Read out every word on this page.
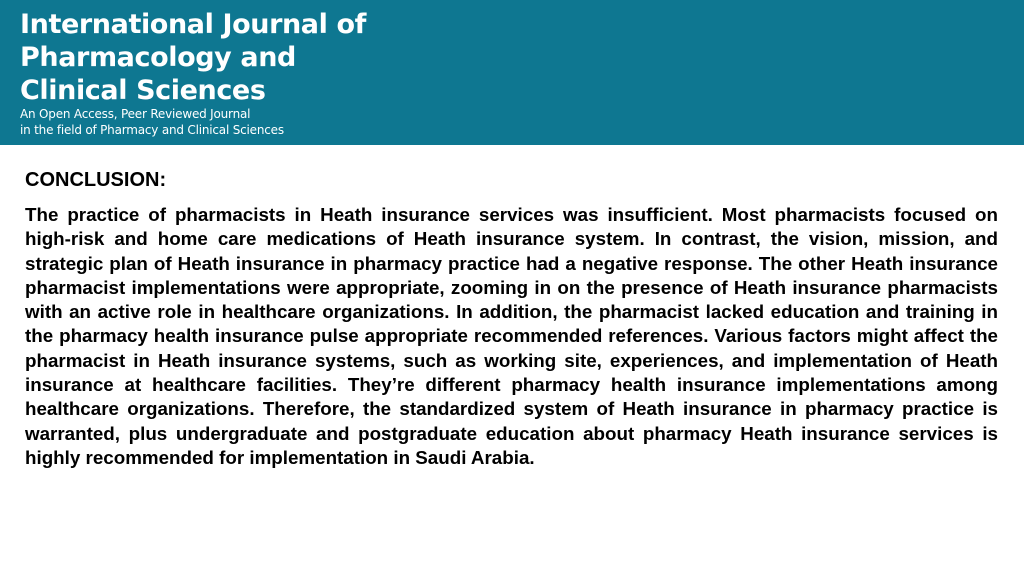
International Journal of
Pharmacology and
Clinical Sciences

An Open Access, Peer Reviewed Journal
in the field of Pharmacy and Clinical Sciences

CONCLUSION:

The practice of pharmacists in Heath insurance services was insufficient. Most pharmacists focused on high-risk and home care medications of Heath insurance system. In contrast, the vision, mission, and strategic plan of Heath insurance in pharmacy practice had a negative response. The other Heath insurance pharmacist implementations were appropriate, zooming in on the presence of Heath insurance pharmacists with an active role in healthcare organizations. In addition, the pharmacist lacked education and training in the pharmacy health insurance pulse appropriate recommended references. Various factors might affect the pharmacist in Heath insurance systems, such as working site, experiences, and implementation of Heath insurance at healthcare facilities. They’re different pharmacy health insurance implementations among healthcare organizations. Therefore, the standardized system of Heath insurance in pharmacy practice is warranted, plus undergraduate and postgraduate education about pharmacy Heath insurance services is highly recommended for implementation in Saudi Arabia.
